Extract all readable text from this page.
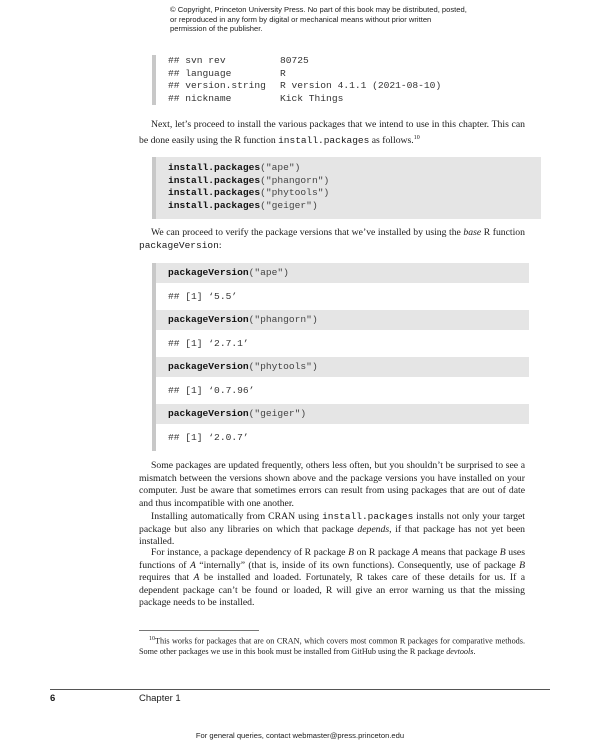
© Copyright, Princeton University Press. No part of this book may be distributed, posted, or reproduced in any form by digital or mechanical means without prior written permission of the publisher.
## svn rev	80725
## language	R
## version.string	R version 4.1.1 (2021-08-10)
## nickname	Kick Things
Next, let’s proceed to install the various packages that we intend to use in this chapter. This can be done easily using the R function install.packages as follows.$^{10}$
install.packages("ape")
install.packages("phangorn")
install.packages("phytools")
install.packages("geiger")
We can proceed to verify the package versions that we’ve installed by using the base R function packageVersion:
packageVersion("ape")
## [1] ‘5.5’
packageVersion("phangorn")
## [1] ‘2.7.1’
packageVersion("phytools")
## [1] ‘0.7.96’
packageVersion("geiger")
## [1] ‘2.0.7’
Some packages are updated frequently, others less often, but you shouldn’t be surprised to see a mismatch between the versions shown above and the package versions you have installed on your computer. Just be aware that sometimes errors can result from using packages that are out of date and thus incompatible with one another.
Installing automatically from CRAN using install.packages installs not only your target package but also any libraries on which that package depends, if that package has not yet been installed.
For instance, a package dependency of R package B on R package A means that package B uses functions of A “internally” (that is, inside of its own functions). Consequently, use of package B requires that A be installed and loaded. Fortunately, R takes care of these details for us. If a dependent package can’t be found or loaded, R will give an error warning us that the missing package needs to be installed.
$^{10}$This works for packages that are on CRAN, which covers most common R packages for comparative methods. Some other packages we use in this book must be installed from GitHub using the R package devtools.
6	Chapter 1
For general queries, contact webmaster@press.princeton.edu
